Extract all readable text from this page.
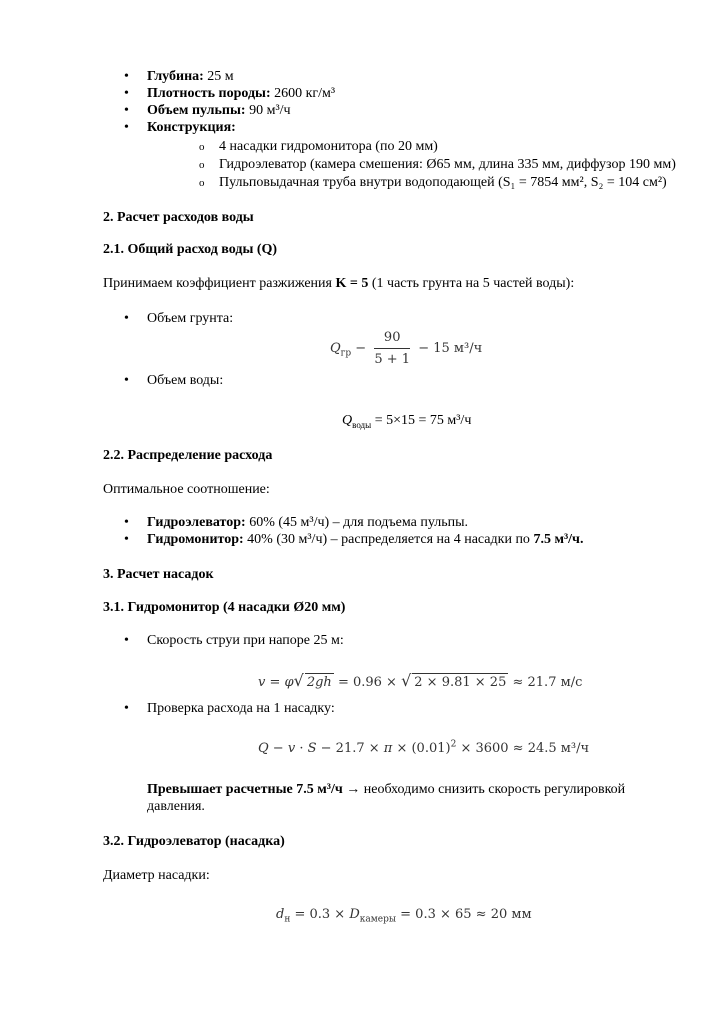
• Глубина: 25 м
• Плотность породы: 2600 кг/м³
• Объем пульпы: 90 м³/ч
• Конструкция:
o 4 насадки гидромонитора (по 20 мм)
o Гидроэлеватор (камера смешения: Ø65 мм, длина 335 мм, диффузор 190 мм)
o Пульповыдачная труба внутри водоподающей (S₁ = 7854 мм², S₂ = 104 см²)
2. Расчет расходов воды
2.1. Общий расход воды (Q)
Принимаем коэффициент разжижения K = 5 (1 часть грунта на 5 частей воды):
• Объем грунта:
$Q_{гр} - \frac{90}{5 + 1} - 15$ м³/ч
• Объем воды:
$Q_{воды} = 5\times 15 = 75$ м³/ч
2.2. Распределение расхода
Оптимальное соотношение:
• Гидроэлеватор: 60% (45 м³/ч) – для подъема пульпы.
• Гидромонитор: 40% (30 м³/ч) – распределяется на 4 насадки по 7.5 м³/ч.
3. Расчет насадок
3.1. Гидромонитор (4 насадки Ø20 мм)
• Скорость струи при напоре 25 м:
v = φ√ 2gh = 0.96 × √ 2 × 9.81 × 25 ≈ 21.7 м/с
• Проверка расхода на 1 насадку:
$Q - v \cdot S - 21.7 \times \pi \times (0.01)^2 \times 3600 \approx 24.5$ м³/ч
Превышает расчетные 7.5 м³/ч → необходимо снизить скорость регулировкой
давления.
3.2. Гидроэлеватор (насадка)
Диаметр насадки:
$d_н = 0.3 \times D_{камеры} = 0.3 \times 65 \approx 20$ мм
